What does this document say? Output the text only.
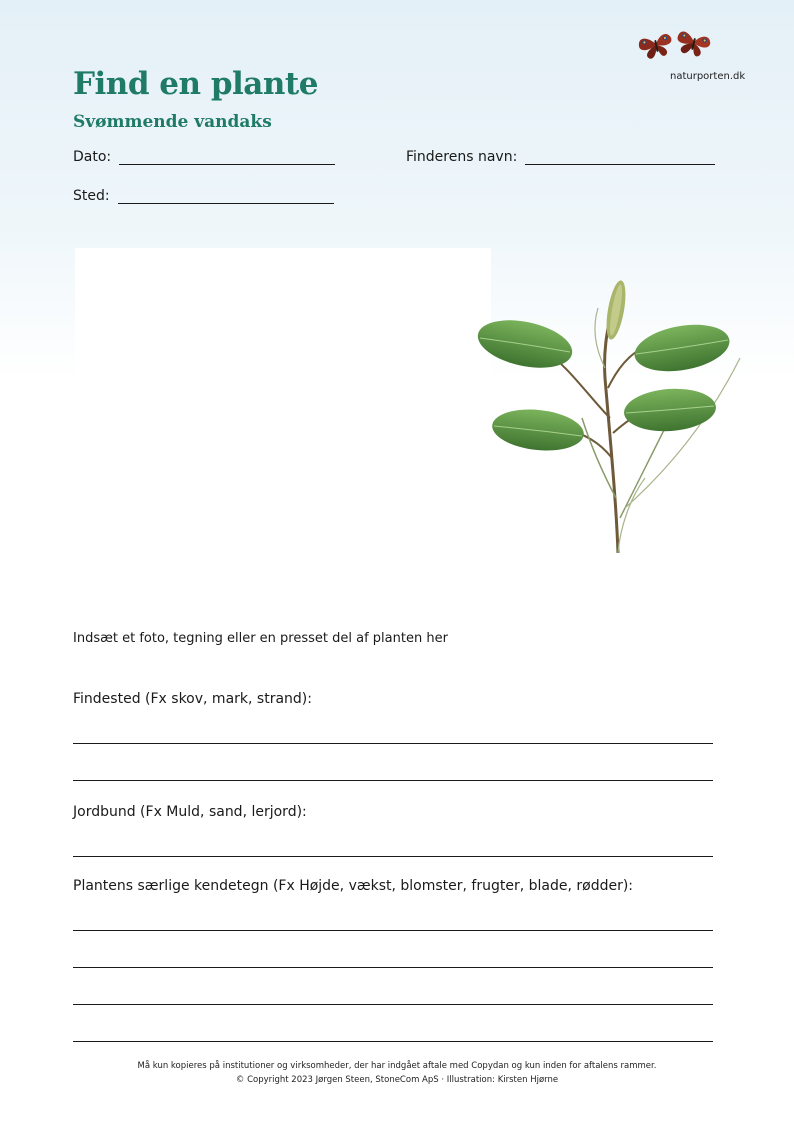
Find en plante
Svømmende vandaks
naturporten.dk
Dato:	Finderens navn:
Sted:
Indsæt et foto, tegning eller en presset del af planten her
Findested (Fx skov, mark, strand):
Jordbund (Fx Muld, sand, lerjord):
Plantens særlige kendetegn (Fx Højde, vækst, blomster, frugter, blade, rødder):
Må kun kopieres på institutioner og virksomheder, der har indgået aftale med Copydan og kun inden for aftalens rammer.
© Copyright 2023 Jørgen Steen, StoneCom ApS · Illustration: Kirsten Hjørne
